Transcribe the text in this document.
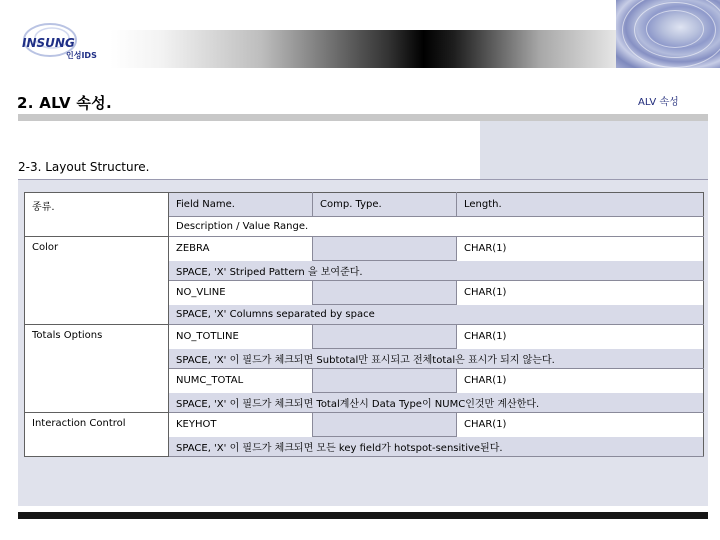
INSUNG
인성IDS
2. ALV 속성.	ALV 속성
2-3. Layout Structure.
종류.	Field Name.	Comp. Type.	Length.
	Description / Value Range.		
Color	ZEBRA		CHAR(1)
	SPACE, 'X' Striped Pattern 을 보여준다.		
	NO_VLINE		CHAR(1)
	SPACE, 'X' Columns separated by space		
Totals Options	NO_TOTLINE		CHAR(1)
	SPACE, 'X' 이 필드가 체크되면 Subtotal만 표시되고 전체total은 표시가 되지 않는다.		
	NUMC_TOTAL		CHAR(1)
	SPACE, 'X' 이 필드가 체크되면 Total계산시 Data Type이 NUMC인것만 계산한다.		
Interaction Control	KEYHOT		CHAR(1)
	SPACE, 'X' 이 필드가 체크되면 모든 key field가 hotspot-sensitive된다.		
